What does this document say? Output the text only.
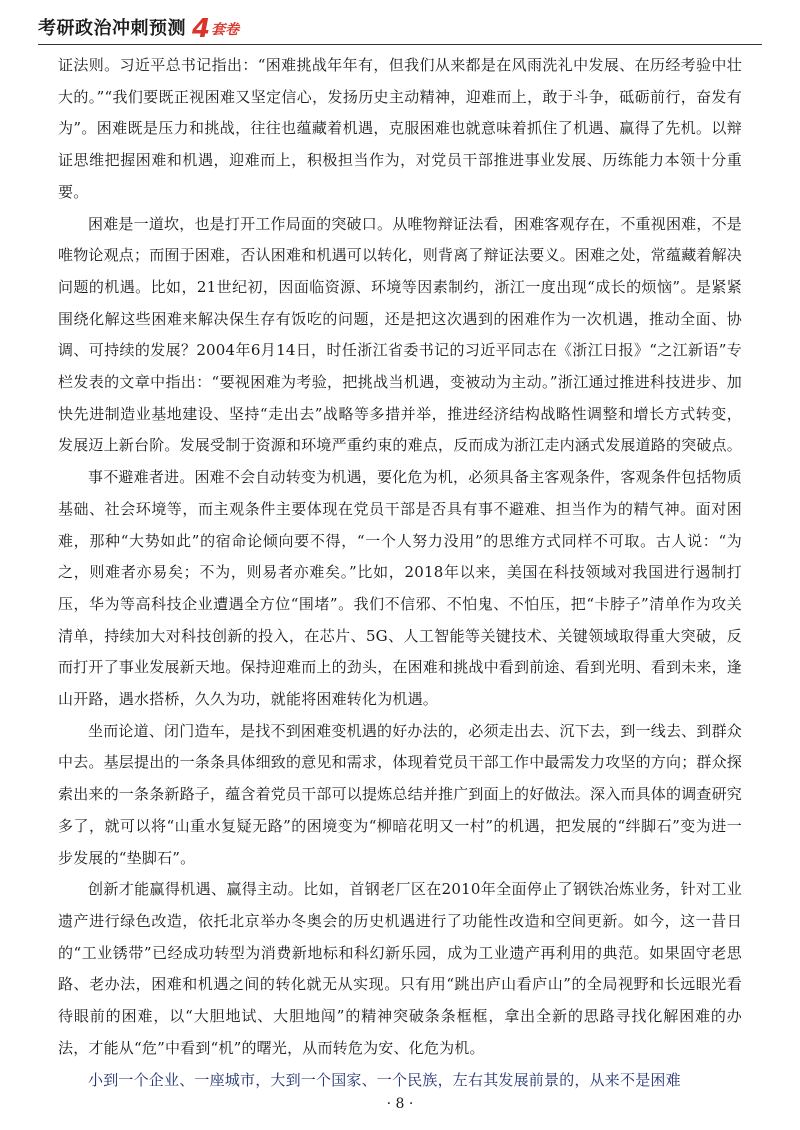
考研政治冲刺预测 4 套卷

证法则。习近平总书记指出：“困难挑战年年有，但我们从来都是在风雨洗礼中发展、在历经考验中壮大的。”“我们要既正视困难又坚定信心，发扬历史主动精神，迎难而上，敢于斗争，砥砺前行，奋发有为”。困难既是压力和挑战，往往也蕴藏着机遇，克服困难也就意味着抓住了机遇、赢得了先机。以辩证思维把握困难和机遇，迎难而上，积极担当作为，对党员干部推进事业发展、历练能力本领十分重要。

困难是一道坎，也是打开工作局面的突破口。从唯物辩证法看，困难客观存在，不重视困难，不是唯物论观点；而囿于困难，否认困难和机遇可以转化，则背离了辩证法要义。困难之处，常蕴藏着解决问题的机遇。比如，21世纪初，因面临资源、环境等因素制约，浙江一度出现“成长的烦恼”。是紧紧围绕化解这些困难来解决保生存有饭吃的问题，还是把这次遇到的困难作为一次机遇，推动全面、协调、可持续的发展？2004年6月14日，时任浙江省委书记的习近平同志在《浙江日报》“之江新语”专栏发表的文章中指出：“要视困难为考验，把挑战当机遇，变被动为主动。”浙江通过推进科技进步、加快先进制造业基地建设、坚持“走出去”战略等多措并举，推进经济结构战略性调整和增长方式转变，发展迈上新台阶。发展受制于资源和环境严重约束的难点，反而成为浙江走内涵式发展道路的突破点。

事不避难者进。困难不会自动转变为机遇，要化危为机，必须具备主客观条件，客观条件包括物质基础、社会环境等，而主观条件主要体现在党员干部是否具有事不避难、担当作为的精气神。面对困难，那种“大势如此”的宿命论倾向要不得，“一个人努力没用”的思维方式同样不可取。古人说：“为之，则难者亦易矣；不为，则易者亦难矣。”比如，2018年以来，美国在科技领域对我国进行遏制打压，华为等高科技企业遭遇全方位“围堵”。我们不信邪、不怕鬼、不怕压，把“卡脖子”清单作为攻关清单，持续加大对科技创新的投入，在芯片、5G、人工智能等关键技术、关键领域取得重大突破，反而打开了事业发展新天地。保持迎难而上的劲头，在困难和挑战中看到前途、看到光明、看到未来，逢山开路，遇水搭桥，久久为功，就能将困难转化为机遇。

坐而论道、闭门造车，是找不到困难变机遇的好办法的，必须走出去、沉下去，到一线去、到群众中去。基层提出的一条条具体细致的意见和需求，体现着党员干部工作中最需发力攻坚的方向；群众探索出来的一条条新路子，蕴含着党员干部可以提炼总结并推广到面上的好做法。深入而具体的调查研究多了，就可以将“山重水复疑无路”的困境变为“柳暗花明又一村”的机遇，把发展的“绊脚石”变为进一步发展的“垫脚石”。

创新才能赢得机遇、赢得主动。比如，首钢老厂区在2010年全面停止了钢铁冶炼业务，针对工业遗产进行绿色改造，依托北京举办冬奥会的历史机遇进行了功能性改造和空间更新。如今，这一昔日的“工业锈带”已经成功转型为消费新地标和科幻新乐园，成为工业遗产再利用的典范。如果固守老思路、老办法，困难和机遇之间的转化就无从实现。只有用“跳出庐山看庐山”的全局视野和长远眼光看待眼前的困难，以“大胆地试、大胆地闯”的精神突破条条框框，拿出全新的思路寻找化解困难的办法，才能从“危”中看到“机”的曙光，从而转危为安、化危为机。

小到一个企业、一座城市，大到一个国家、一个民族，左右其发展前景的，从来不是困难

· 8 ·
